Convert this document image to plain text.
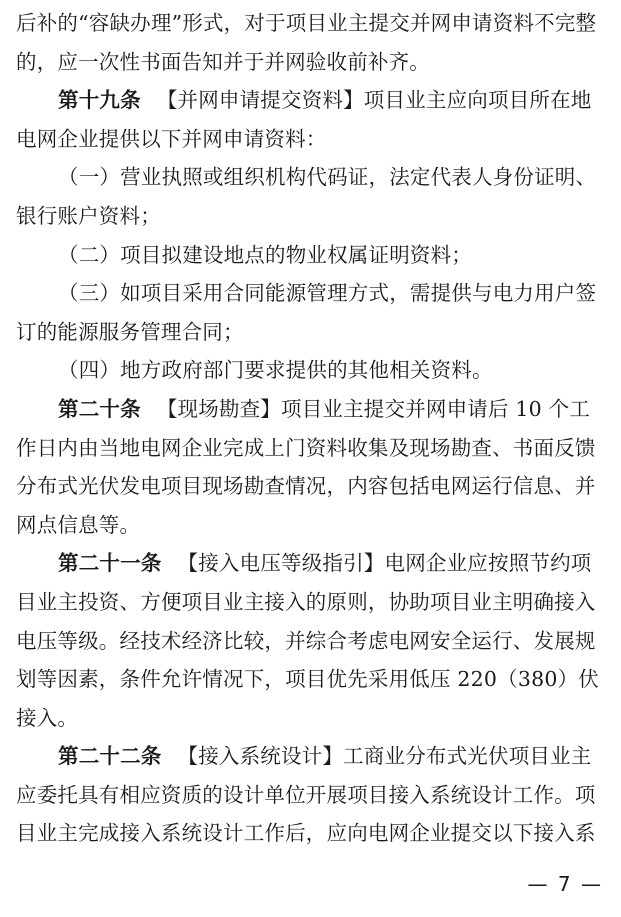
后补的“容缺办理”形式，对于项目业主提交并网申请资料不完整
的，应一次性书面告知并于并网验收前补齐。
第十九条 【并网申请提交资料】项目业主应向项目所在地
电网企业提供以下并网申请资料：
（一）营业执照或组织机构代码证，法定代表人身份证明、
银行账户资料；
（二）项目拟建设地点的物业权属证明资料；
（三）如项目采用合同能源管理方式，需提供与电力用户签
订的能源服务管理合同；
（四）地方政府部门要求提供的其他相关资料。
第二十条 【现场勘查】项目业主提交并网申请后 10 个工
作日内由当地电网企业完成上门资料收集及现场勘查、书面反馈
分布式光伏发电项目现场勘查情况，内容包括电网运行信息、并
网点信息等。
第二十一条 【接入电压等级指引】电网企业应按照节约项
目业主投资、方便项目业主接入的原则，协助项目业主明确接入
电压等级。经技术经济比较，并综合考虑电网安全运行、发展规
划等因素，条件允许情况下，项目优先采用低压 220（380）伏
接入。
第二十二条 【接入系统设计】工商业分布式光伏项目业主
应委托具有相应资质的设计单位开展项目接入系统设计工作。项
目业主完成接入系统设计工作后，应向电网企业提交以下接入系
— 7 —
